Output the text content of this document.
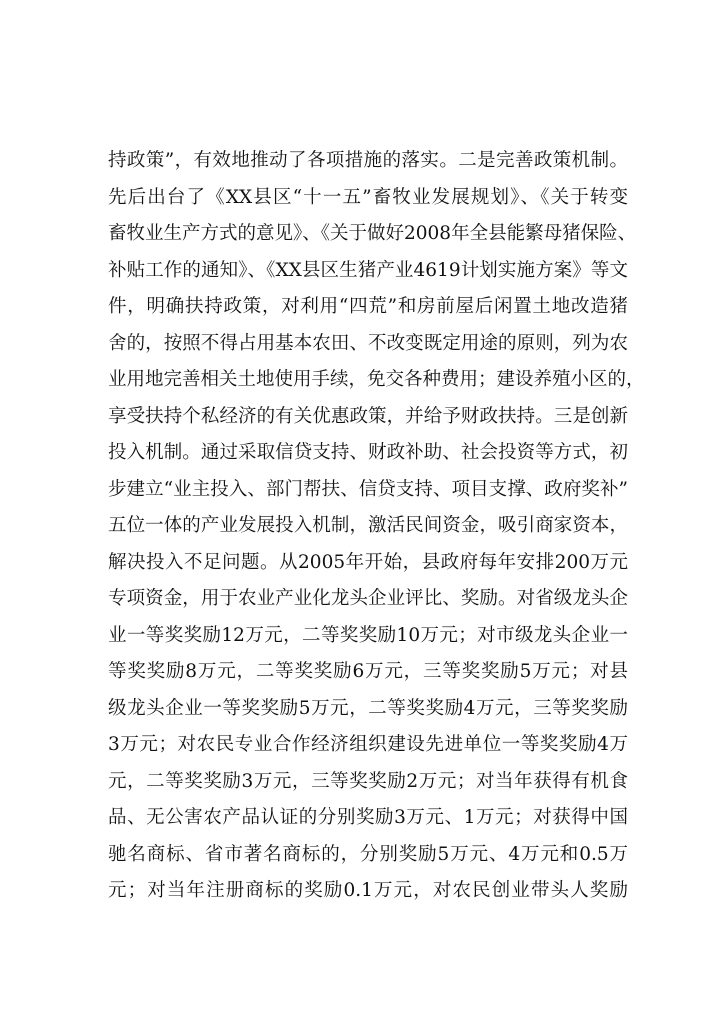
持政策”，有效地推动了各项措施的落实。二是完善政策机制。
先后出台了《XX县区“十一五”畜牧业发展规划》、《关于转变
畜牧业生产方式的意见》、《关于做好2008年全县能繁母猪保险、
补贴工作的通知》、《XX县区生猪产业4619计划实施方案》等文
件，明确扶持政策，对利用“四荒”和房前屋后闲置土地改造猪
舍的，按照不得占用基本农田、不改变既定用途的原则，列为农
业用地完善相关土地使用手续，免交各种费用；建设养殖小区的，
享受扶持个私经济的有关优惠政策，并给予财政扶持。三是创新
投入机制。通过采取信贷支持、财政补助、社会投资等方式，初
步建立“业主投入、部门帮扶、信贷支持、项目支撑、政府奖补”
五位一体的产业发展投入机制，激活民间资金，吸引商家资本，
解决投入不足问题。从2005年开始，县政府每年安排200万元
专项资金，用于农业产业化龙头企业评比、奖励。对省级龙头企
业一等奖奖励12万元，二等奖奖励10万元；对市级龙头企业一
等奖奖励8万元，二等奖奖励6万元，三等奖奖励5万元；对县
级龙头企业一等奖奖励5万元，二等奖奖励4万元，三等奖奖励
3万元；对农民专业合作经济组织建设先进单位一等奖奖励4万
元，二等奖奖励3万元，三等奖奖励2万元；对当年获得有机食
品、无公害农产品认证的分别奖励3万元、1万元；对获得中国
驰名商标、省市著名商标的，分别奖励5万元、4万元和0.5万
元；对当年注册商标的奖励0.1万元，对农民创业带头人奖励
